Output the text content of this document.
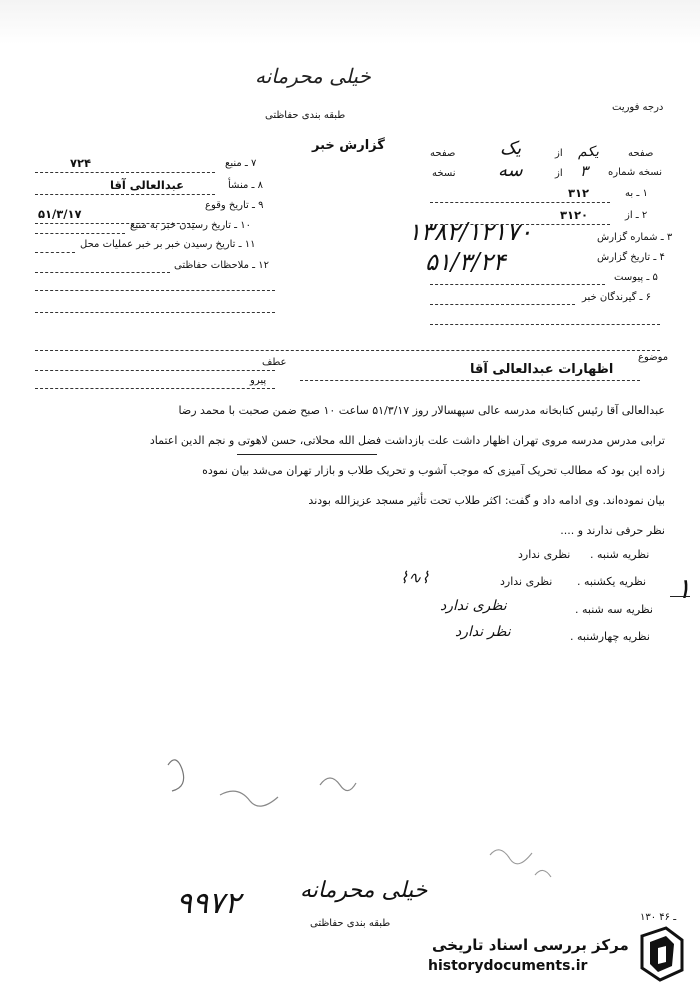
خیلی محرمانه
طبقه بندی حفاظتی
درجه فوریت
گزارش خبر
صفحه
یکم
از
یک
صفحه
نسخه شماره
۳
از
سه
نسخه
۱ ـ به
۳۱۲
۲ ـ از
۳۱۲۰
۳ ـ شماره گزارش
۱۳۸۲/۱۲۱۷۰
۴ ـ تاریخ گزارش
۵۱/۳/۲۴
۵ ـ پیوست
۶ ـ گیرندگان خبر
۷ ـ منبع
۷۲۴
۸ ـ منشأ
عبدالعالی آقا
۹ ـ تاریخ وقوع
۵۱/۳/۱۷
۱۰ ـ تاریخ رسیدن خبر به منبع
۱۱ ـ تاریخ رسیدن خبر بر خبر عملیات محل
۱۲ ـ ملاحظات حفاظتی
موضوع
اظهارات عبدالعالی آقا
عطف
پیرو
عبدالعالی آقا رئیس کتابخانه مدرسه عالی سپهسالار روز ۵۱/۳/۱۷ ساعت ۱۰ صبح ضمن صحبت با محمد رضا
ترابی مدرس مدرسه مروی تهران اظهار داشت علت بازداشت فضل الله محلاتی، حسن لاهوتی و نجم الدین اعتماد
زاده این بود که مطالب تحریک آمیزی که موجب آشوب و تحریک طلاب و بازار تهران می‌شد بیان نموده
بیان نموده‌اند. وی ادامه داد و گفت: اکثر طلاب تحت تأثیر مسجد عزیزالله بودند
نظر حرفی ندارند و ....
نظریه شنبه .
نظری ندارد
نظریه یکشنبه .
نظری ندارد
⌇∿⌇
نظریه سه شنبه .
نظری ندارد
نظریه چهارشنبه .
نظر ندارد
۱
خیلی محرمانه
۹۹۷۲
طبقه بندی حفاظتی
۱۳۰ ـ ۴۶
مرکز بررسی اسناد تاریخی
historydocuments.ir
